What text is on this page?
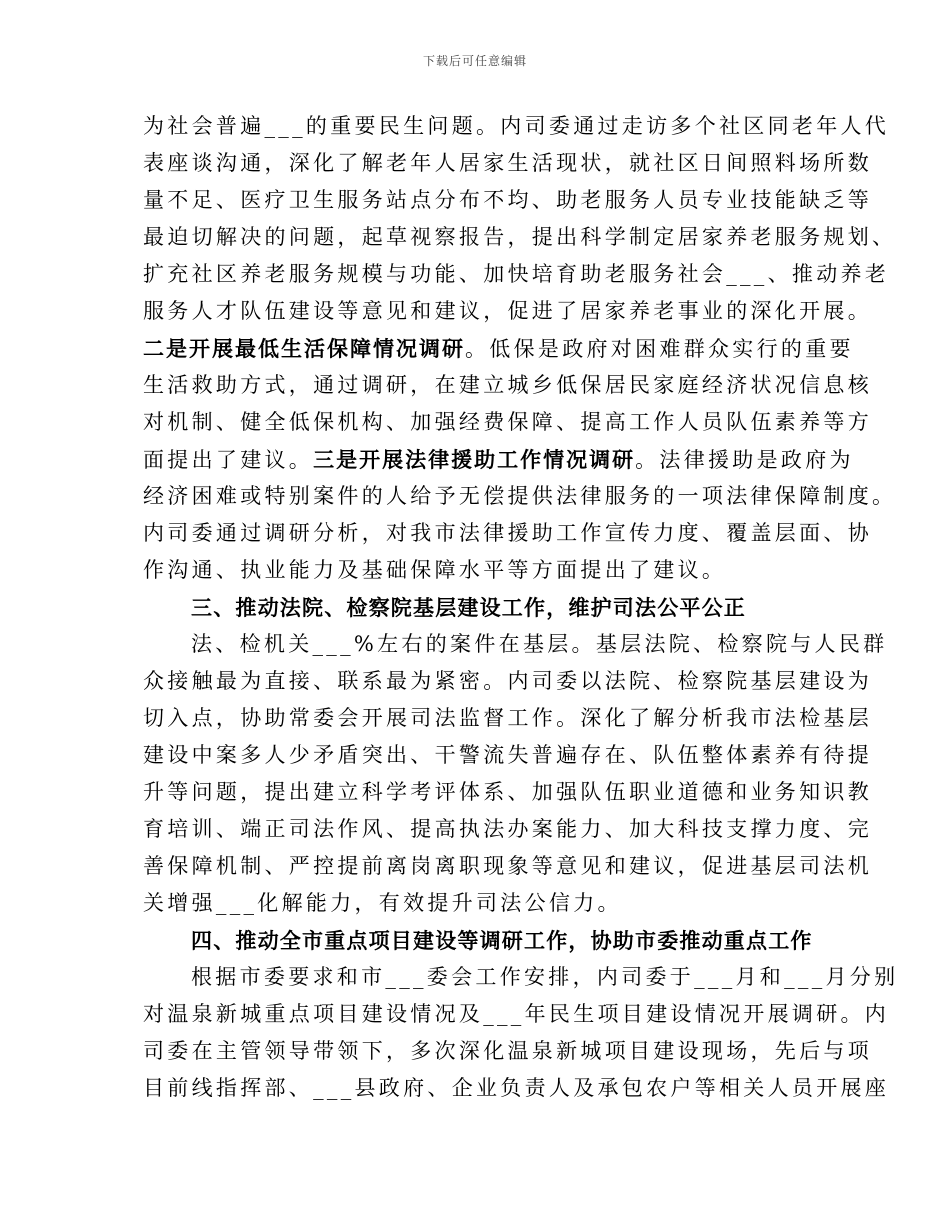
下载后可任意编辑
为社会普遍___的重要民生问题。内司委通过走访多个社区同老年人代
表座谈沟通，深化了解老年人居家生活现状，就社区日间照料场所数
量不足、医疗卫生服务站点分布不均、助老服务人员专业技能缺乏等
最迫切解决的问题，起草视察报告，提出科学制定居家养老服务规划、
扩充社区养老服务规模与功能、加快培育助老服务社会___、推动养老
服务人才队伍建设等意见和建议，促进了居家养老事业的深化开展。
二是开展最低生活保障情况调研。低保是政府对困难群众实行的重要
生活救助方式，通过调研，在建立城乡低保居民家庭经济状况信息核
对机制、健全低保机构、加强经费保障、提高工作人员队伍素养等方
面提出了建议。三是开展法律援助工作情况调研。法律援助是政府为
经济困难或特别案件的人给予无偿提供法律服务的一项法律保障制度。
内司委通过调研分析，对我市法律援助工作宣传力度、覆盖层面、协
作沟通、执业能力及基础保障水平等方面提出了建议。
三、推动法院、检察院基层建设工作，维护司法公平公正
法、检机关___%左右的案件在基层。基层法院、检察院与人民群
众接触最为直接、联系最为紧密。内司委以法院、检察院基层建设为
切入点，协助常委会开展司法监督工作。深化了解分析我市法检基层
建设中案多人少矛盾突出、干警流失普遍存在、队伍整体素养有待提
升等问题，提出建立科学考评体系、加强队伍职业道德和业务知识教
育培训、端正司法作风、提高执法办案能力、加大科技支撑力度、完
善保障机制、严控提前离岗离职现象等意见和建议，促进基层司法机
关增强___化解能力，有效提升司法公信力。
四、推动全市重点项目建设等调研工作，协助市委推动重点工作
根据市委要求和市___委会工作安排，内司委于___月和___月分别
对温泉新城重点项目建设情况及___年民生项目建设情况开展调研。内
司委在主管领导带领下，多次深化温泉新城项目建设现场，先后与项
目前线指挥部、___县政府、企业负责人及承包农户等相关人员开展座
